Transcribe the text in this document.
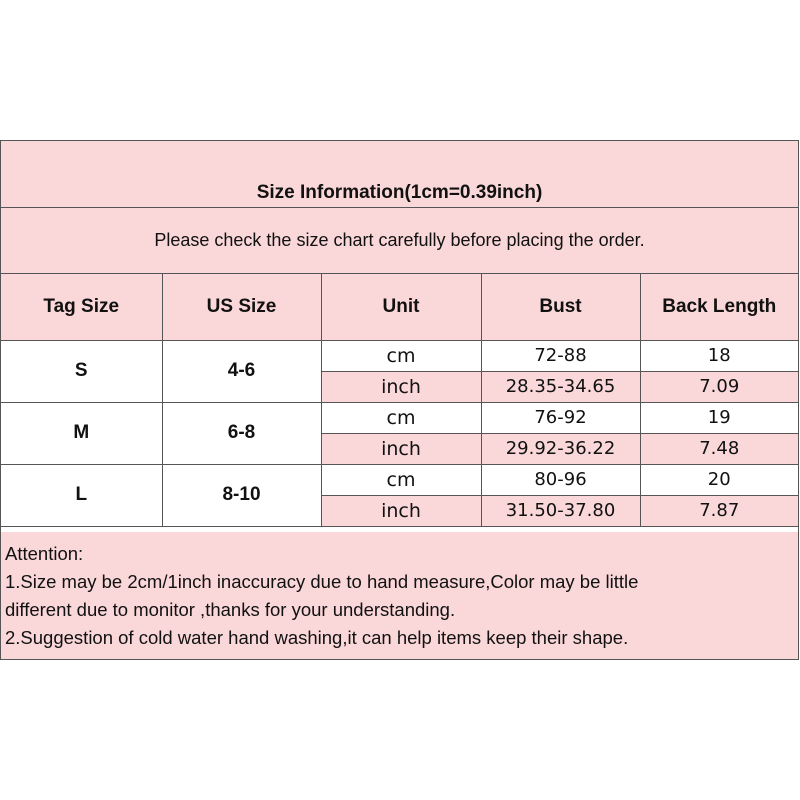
Size Information(1cm=0.39inch)
Please check the size chart carefully before placing the order.
Tag Size	US Size	Unit	Bust	Back Length
S	4-6	cm	72-88	18
		inch	28.35-34.65	7.09
M	6-8	cm	76-92	19
		inch	29.92-36.22	7.48
L	8-10	cm	80-96	20
		inch	31.50-37.80	7.87
Attention:
1.Size may be 2cm/1inch inaccuracy due to hand measure,Color may be little
different due to monitor ,thanks for your understanding.
2.Suggestion of cold water hand washing,it can help items keep their shape.
